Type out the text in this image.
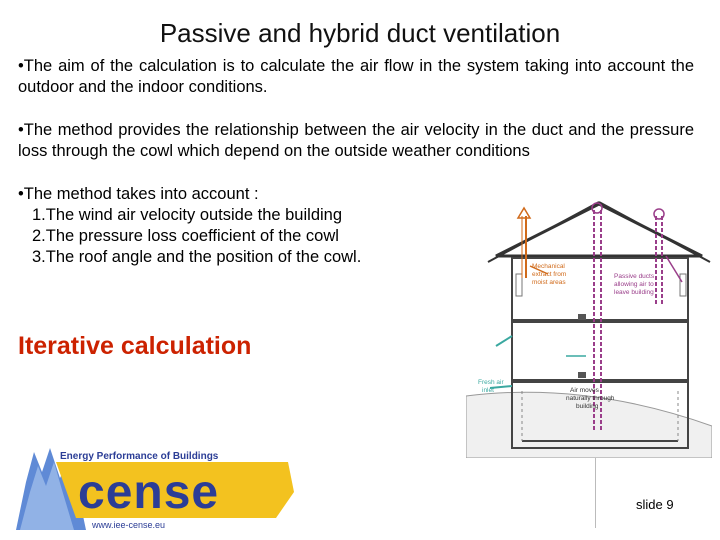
Passive and hybrid duct ventilation
•The aim of the calculation is to calculate the air flow in the system taking into account the outdoor and the indoor conditions.
•The method provides the relationship between the air velocity in the duct and the pressure loss through the cowl which depend on the outside weather conditions
•The method takes into account :
1.The wind air velocity outside the building
2.The pressure loss coefficient of the cowl
3.The roof angle and the position of the cowl.
Iterative calculation
Mechanical
extract from
moist areas
Passive ducts
allowing air to
leave building
Fresh air
inlet	Air moves
naturally through
building
Energy Performance of Buildings
cense
www.iee-cense.eu
slide 9
